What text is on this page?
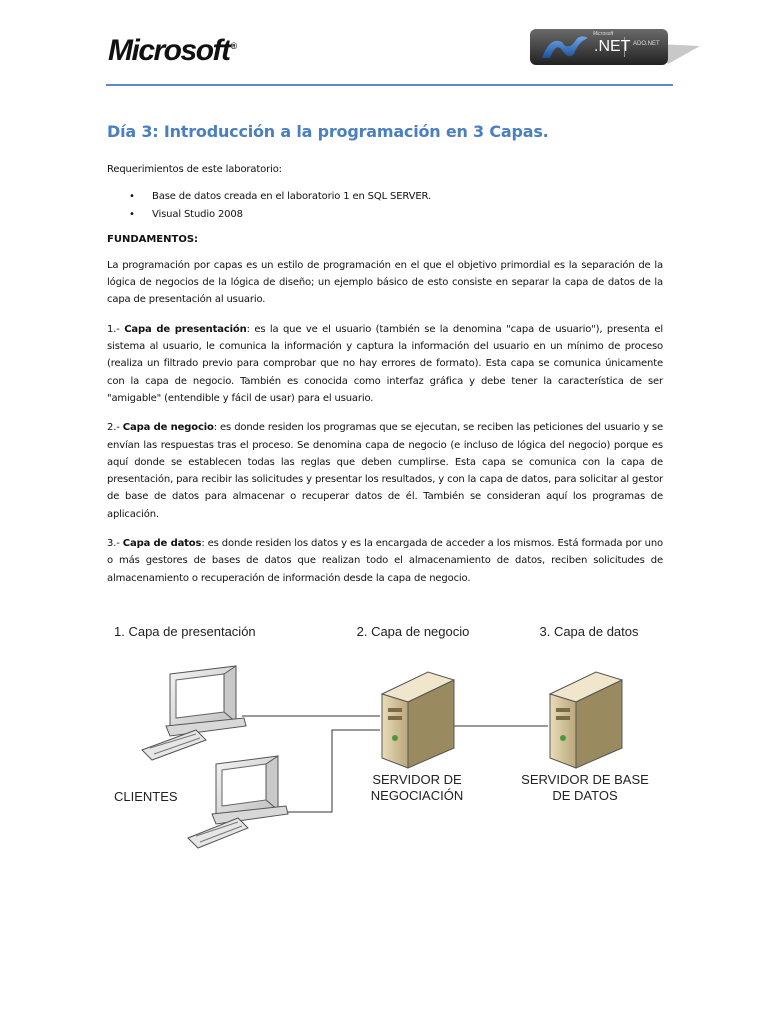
Microsoft®
Microsoft
.NET ADO.NET
Día 3: Introducción a la programación en 3 Capas.

Requerimientos de este laboratorio:

• Base de datos creada en el laboratorio 1 en SQL SERVER.
• Visual Studio 2008

FUNDAMENTOS:

La programación por capas es un estilo de programación en el que el objetivo primordial es la separación de la lógica de negocios de la lógica de diseño; un ejemplo básico de esto consiste en separar la capa de datos de la capa de presentación al usuario.

1.- Capa de presentación: es la que ve el usuario (también se la denomina "capa de usuario"), presenta el sistema al usuario, le comunica la información y captura la información del usuario en un mínimo de proceso (realiza un filtrado previo para comprobar que no hay errores de formato). Esta capa se comunica únicamente con la capa de negocio. También es conocida como interfaz gráfica y debe tener la característica de ser "amigable" (entendible y fácil de usar) para el usuario.

2.- Capa de negocio: es donde residen los programas que se ejecutan, se reciben las peticiones del usuario y se envían las respuestas tras el proceso. Se denomina capa de negocio (e incluso de lógica del negocio) porque es aquí donde se establecen todas las reglas que deben cumplirse. Esta capa se comunica con la capa de presentación, para recibir las solicitudes y presentar los resultados, y con la capa de datos, para solicitar al gestor de base de datos para almacenar o recuperar datos de él. También se consideran aquí los programas de aplicación.

3.- Capa de datos: es donde residen los datos y es la encargada de acceder a los mismos. Está formada por uno o más gestores de bases de datos que realizan todo el almacenamiento de datos, reciben solicitudes de almacenamiento o recuperación de información desde la capa de negocio.

1. Capa de presentación	2. Capa de negocio	3. Capa de datos
CLIENTES
SERVIDOR DE
NEGOCIACIÓN
SERVIDOR DE BASE
DE DATOS
